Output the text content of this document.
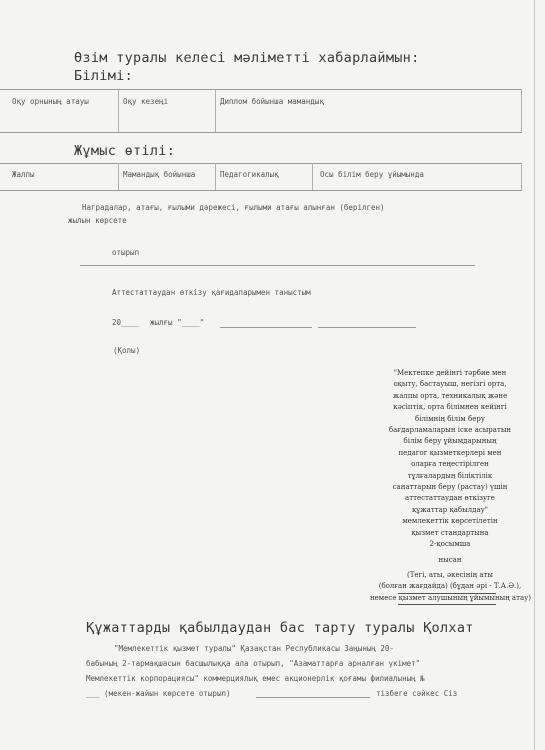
Өзім туралы келесі мәліметті хабарлаймын:
Білімі:
Оқу орнының атауы	Оқу кезеңі	Диплом бойынша мамандық
Жұмыс өтілі:
Жалпы	Мамандық бойынша	Педагогикалық	Осы білім беру ұйымында
Наградалар, атағы, ғылыми дәрежесі, ғылыми атағы алынған (берілген)
жылын көрсете
отырып
Аттестаттаудан өткізу қағидаларымен таныстым
20____ жылғы "____"
(Қолы)
"Мектепке дейінгі тәрбие мен
оқыту, бастауыш, негізгі орта,
жалпы орта, техникалық және
кәсіптік, орта білімнен кейінгі
білімнің білім беру
бағдарламаларын іске асыратын
білім беру ұйымдарының
педагог қызметкерлері мен
оларға теңестірілген
тұлғалардың біліктілік
санаттарын беру (растау) үшін
аттестаттаудан өткізуге
құжаттар қабылдау"
мемлекеттік көрсетілетін
қызмет стандартына
2-қосымша
нысан
(Тегі, аты, әкесінің аты
(болған жағдайда) (бұдан әрі - Т.А.Ә.),
немесе қызмет алушының ұйымының атау)
Құжаттарды қабылдаудан бас тарту туралы Қолхат
"Мемлекеттік қызмет туралы" Қазақстан Республикасы Заңының 20-
бабының 2-тармақшасын басшылыққа ала отырып, "Азаматтарға арналған үкімет"
Мемлекеттік корпорациясы" коммерциялық емес акционерлік қоғамы филиалының №
___ (мекен-жайын көрсете отырып)	тізбеге сәйкес Сіз
